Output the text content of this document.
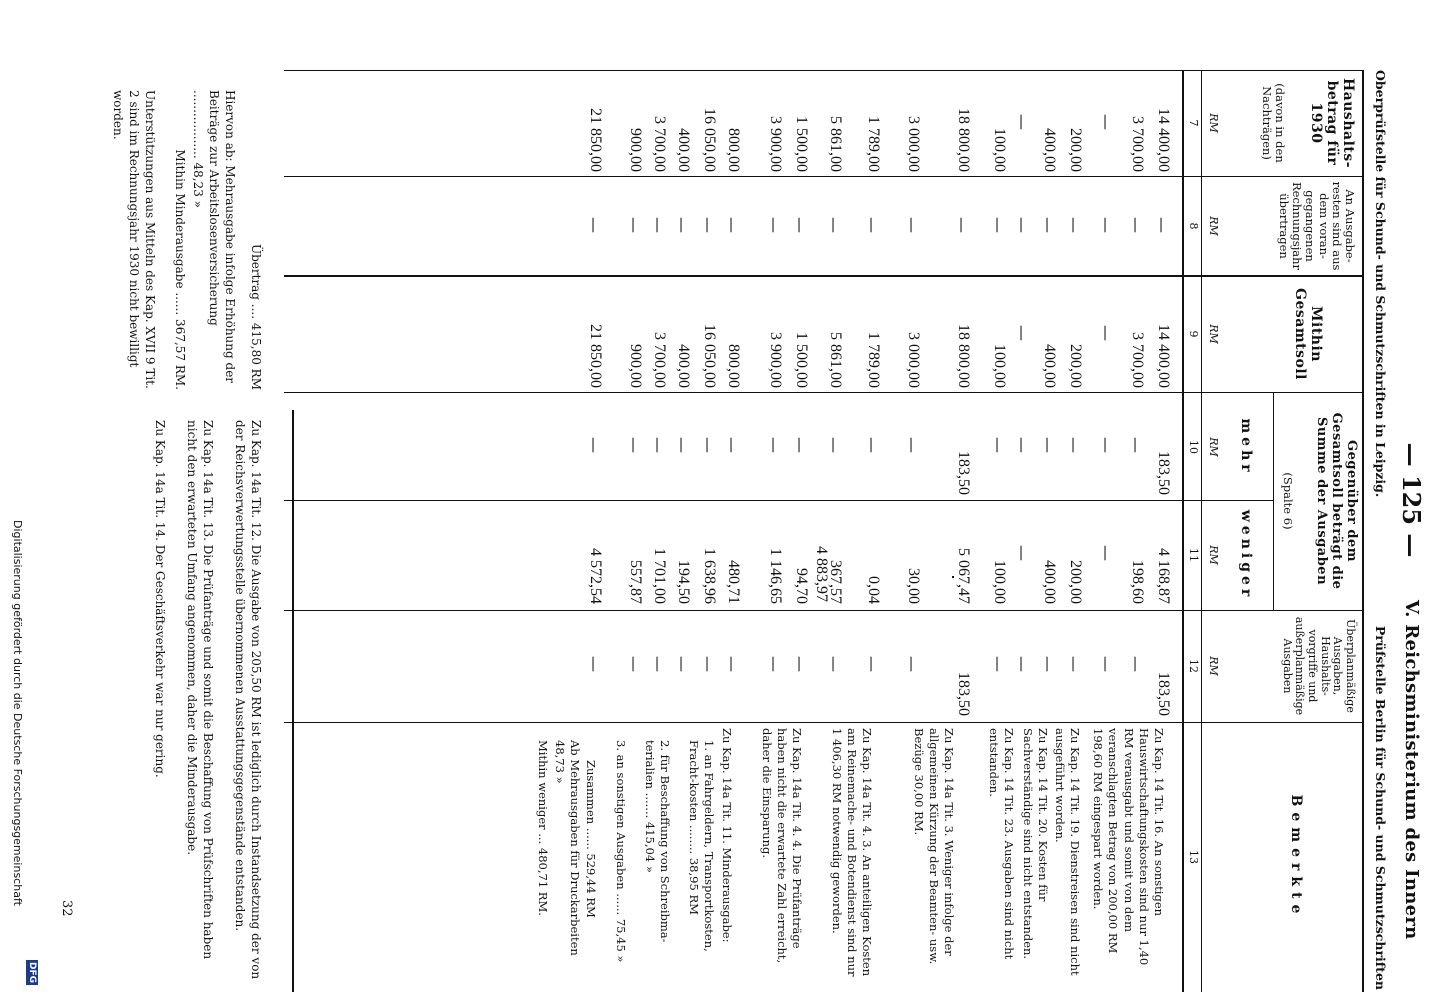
— 125 —
V. Reichsministerium des Innern
Oberprüfstelle für Schund- und Schmutzschriften in Leipzig.
Prüfstelle Berlin für Schund- und Schmutzschriften
Haushalts-betrag für 1930
(davon in den Nachträgen)
An Ausgabe-resten sind aus dem voran-gegangenen Rechnungsjahr übertragen
Mithin Gesamtsoll
Gegenüber dem Gesamtsoll beträgt die Summe der Ausgaben
(Spalte 6)
mehr
weniger
Überplanmäßige Ausgaben, Haushalts-vorgriffe und außerplanmäßige Ausgaben
Bemerkte
RM
RM
RM
RM
RM
RM
7
8
9
10
11
12
13
14 400,00
—
14 400,00
183,50
4 168,87
183,50
3 700,00
—
3 700,00
—
198,60
—
—
—
—
—
—
—
200,00
—
200,00
—
200,00
—
400,00
—
400,00
—
400,00
—
—
—
—
—
—
—
100,00
—
100,00
—
100,00
—
18 800,00
—
18 800,00
183,50
5 067,47
183,50
3 000,00
—
3 000,00
—
30,00
—
1 789,00
—
1 789,00
—
0,04
—
5 861,00
—
5 861,00
—
367,57
—
1 500,00
—
1 500,00
—
94,70
—
3 900,00
—
3 900,00
—
1 146,65
—
800,00
—
800,00
—
480,71
—
16 050,00
—
16 050,00
—
1 638,96
—
400,00
—
400,00
—
194,50
—
3 700,00
—
3 700,00
—
1 701,00
—
900,00
—
900,00
—
557,87
—
21 850,00
—
21 850,00
—
4 572,54
—
4 883,97
Zu Kap. 14 Tit. 16. An sonstigen Hauswirtschaftungskosten sind nur 1,40 RM verausgabt und somit von dem veranschlagten Betrag von 200,00 RM 198,60 RM eingespart worden.
Zu Kap. 14 Tit. 19. Dienstreisen sind nicht ausgeführt worden.
Zu Kap. 14 Tit. 20. Kosten für Sachverständige sind nicht entstanden.
Zu Kap. 14 Tit. 23. Ausgaben sind nicht entstanden.
Zu Kap. 14a Tit. 3. Weniger infolge der allgemeinen Kürzung der Beamten- usw. Bezüge 30,00 RM.
Zu Kap. 14a Tit. 4. 3. An anteiligen Kosten am Reinemache- und Botendienst sind nur 1 406,30 RM notwendig geworden.
Zu Kap. 14a Tit. 4. 4. Die Prüfanträge haben nicht die erwartete Zahl erreicht, daher die Einsparung.
Zu Kap. 14a Tit. 11. Minderausgabe:
1. an Fahrgeldern, Transportkosten, Fracht-kosten ........ 38,95 RM
2. für Beschaffung von Schreibma-terialien ....... 415,04 »
3. an sonstigen Ausgaben ...... 75,45 »
Zusammen ...... 529,44 RM
Ab Mehrausgaben für Druckarbeiten 48,73 »
Mithin weniger ... 480,71 RM.
Übertrag .... 415,80 RM
Hiervon ab: Mehrausgabe infolge Erhöhung der Beiträge zur Arbeitslosenversicherung .................. 48,23 »
Mithin Minderausgabe ...... 367,57 RM.
Unterstützungen aus Mitteln des Kap. XVII 9 Tit. 2 sind im Rechnungsjahr 1930 nicht bewilligt worden.
Zu Kap. 14a Tit. 12. Die Ausgabe von 205,50 RM ist lediglich durch Instandsetzung der von der Reichsverwertungsstelle übernommenen Ausstattungsgegenstände entstanden.
Zu Kap. 14a Tit. 13. Die Prüfanträge und somit die Beschaffung von Prüfschriften haben nicht den erwarteten Umfang angenommen, daher die Minderausgabe.
Zu Kap. 14a Tit. 14. Der Geschäftsverkehr war nur gering.
32
Digitalisierung gefördert durch die Deutsche Forschungsgemeinschaft
DFG
